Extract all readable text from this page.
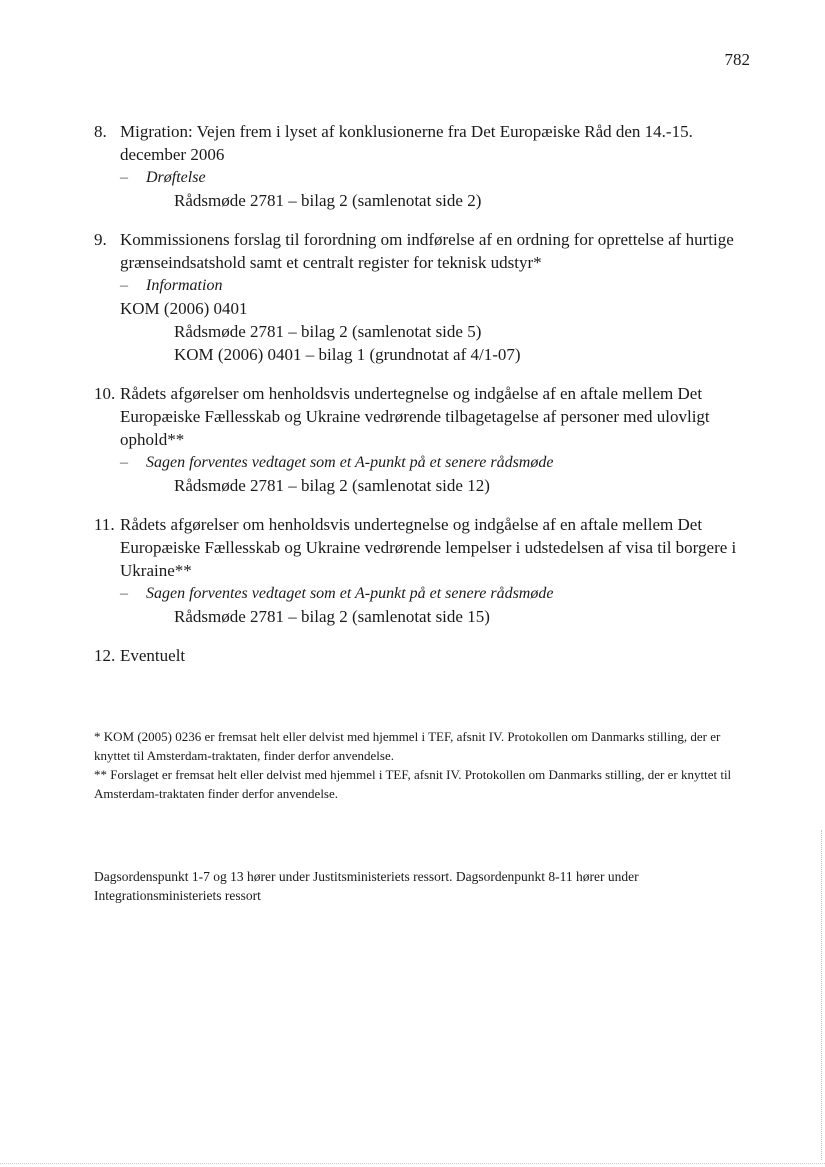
782
8. Migration: Vejen frem i lyset af konklusionerne fra Det Europæiske Råd den 14.-15. december 2006
–	Drøftelse
Rådsmøde 2781 – bilag 2 (samlenotat side 2)
9. Kommissionens forslag til forordning om indførelse af en ordning for oprettelse af hurtige grænseindsatshold samt et centralt register for teknisk udstyr*
–	Information
KOM (2006) 0401
Rådsmøde 2781 – bilag 2 (samlenotat side 5)
KOM (2006) 0401 – bilag 1 (grundnotat af 4/1-07)
10. Rådets afgørelser om henholdsvis undertegnelse og indgåelse af en aftale mellem Det Europæiske Fællesskab og Ukraine vedrørende tilbagetagelse af personer med ulovligt ophold**
–	Sagen forventes vedtaget som et A-punkt på et senere rådsmøde
Rådsmøde 2781 – bilag 2 (samlenotat side 12)
11. Rådets afgørelser om henholdsvis undertegnelse og indgåelse af en aftale mellem Det Europæiske Fællesskab og Ukraine vedrørende lempelser i udstedelsen af visa til borgere i Ukraine**
–	Sagen forventes vedtaget som et A-punkt på et senere rådsmøde
Rådsmøde 2781 – bilag 2 (samlenotat side 15)
12. Eventuelt

* KOM (2005) 0236 er fremsat helt eller delvist med hjemmel i TEF, afsnit IV. Protokollen om Danmarks stilling, der er knyttet til Amsterdam-traktaten, finder derfor anvendelse.

** Forslaget er fremsat helt eller delvist med hjemmel i TEF, afsnit IV. Protokollen om Danmarks stilling, der er knyttet til Amsterdam-traktaten finder derfor anvendelse.

Dagsordenspunkt 1-7 og 13 hører under Justitsministeriets ressort. Dagsordenpunkt 8-11 hører under Integrationsministeriets ressort
